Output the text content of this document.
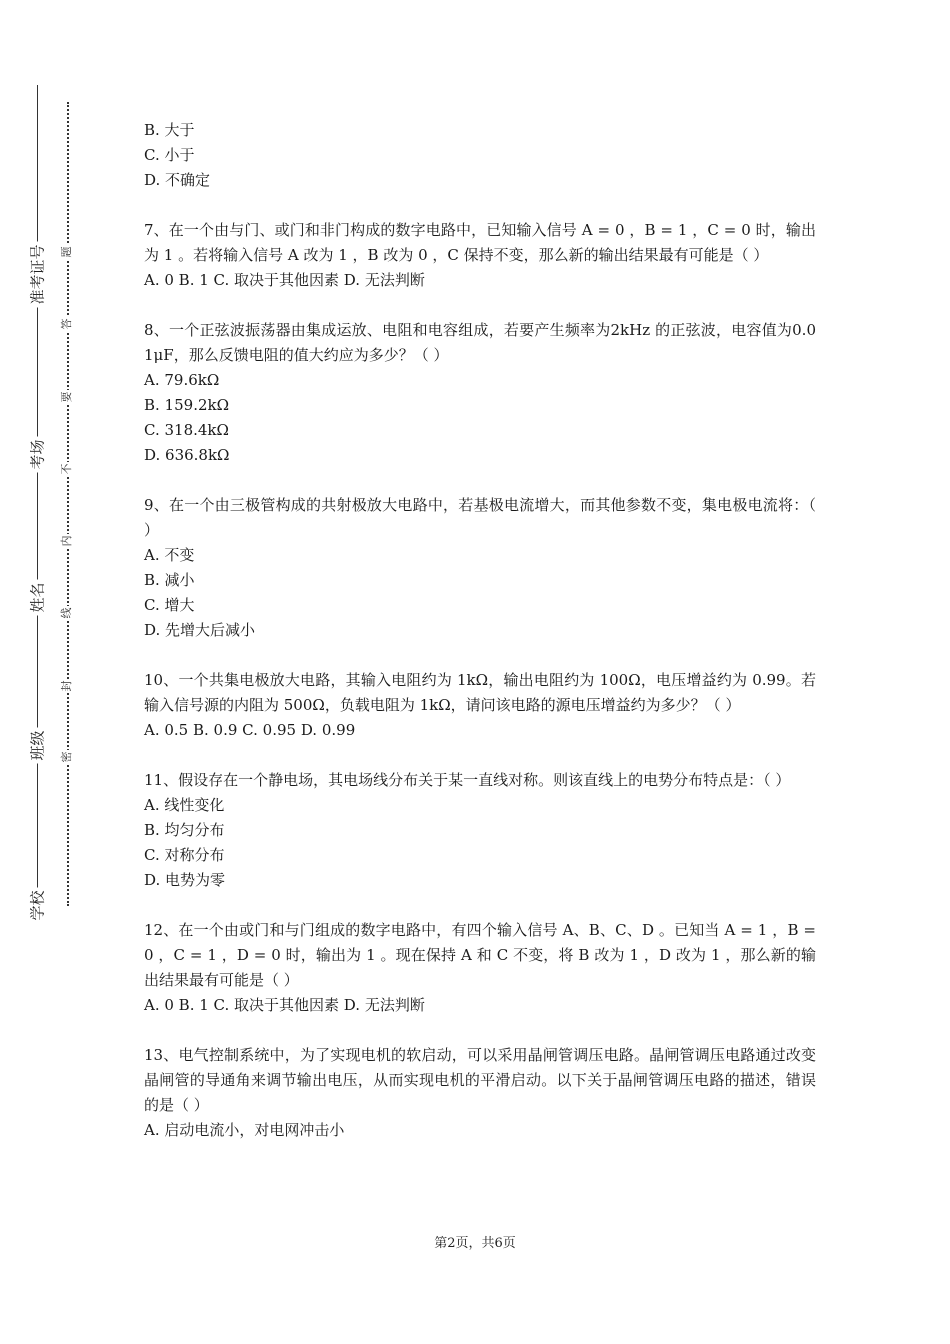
准考证号
考场
姓名
班级
学校
题
答
要
不
内
线
封
密

B. 大于

C. 小于

D. 不确定

7、在一个由与门、或门和非门构成的数字电路中，已知输入信号 A = 0 ，B = 1 ，C = 0 时，输出为 1 。若将输入信号 A 改为 1 ，B 改为 0 ，C 保持不变，那么新的输出结果最有可能是（ ）

A. 0 B. 1 C. 取决于其他因素 D. 无法判断

8、一个正弦波振荡器由集成运放、电阻和电容组成，若要产生频率为2kHz 的正弦波，电容值为0.01μF，那么反馈电阻的值大约应为多少？（ ）

A. 79.6kΩ

B. 159.2kΩ

C. 318.4kΩ

D. 636.8kΩ

9、在一个由三极管构成的共射极放大电路中，若基极电流增大，而其他参数不变，集电极电流将：（ ）

A. 不变

B. 减小

C. 增大

D. 先增大后减小

10、一个共集电极放大电路，其输入电阻约为 1kΩ，输出电阻约为 100Ω，电压增益约为 0.99。若输入信号源的内阻为 500Ω，负载电阻为 1kΩ，请问该电路的源电压增益约为多少？（ ）

A. 0.5 B. 0.9 C. 0.95 D. 0.99

11、假设存在一个静电场，其电场线分布关于某一直线对称。则该直线上的电势分布特点是：（ ）

A. 线性变化

B. 均匀分布

C. 对称分布

D. 电势为零

12、在一个由或门和与门组成的数字电路中，有四个输入信号 A、B、C、D 。已知当 A = 1 ，B = 0 ，C = 1 ，D = 0 时，输出为 1 。现在保持 A 和 C 不变，将 B 改为 1 ，D 改为 1 ，那么新的输出结果最有可能是（ ）

A. 0 B. 1 C. 取决于其他因素 D. 无法判断

13、电气控制系统中，为了实现电机的软启动，可以采用晶闸管调压电路。晶闸管调压电路通过改变晶闸管的导通角来调节输出电压，从而实现电机的平滑启动。以下关于晶闸管调压电路的描述，错误的是（ ）

A. 启动电流小，对电网冲击小

第2页，共6页
